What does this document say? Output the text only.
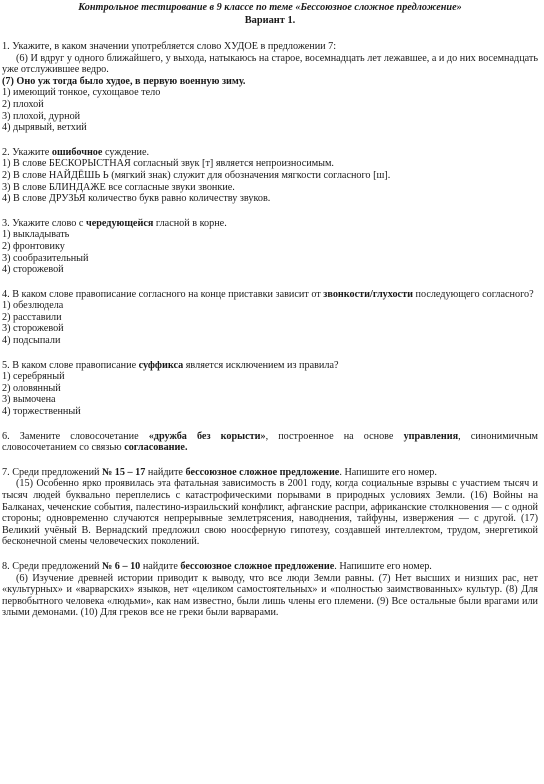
Контрольное тестирование в 9 классе по теме «Бессоюзное сложное предложение»
Вариант 1.
1. Укажите, в каком значении употребляется слово ХУДОЕ в предложении 7:
(6) И вдруг у одного ближайшего, у выхода, натыкаюсь на старое, восемнадцать лет лежавшее, а и до них восемнадцать уже отслужившее ведро.
(7) Оно уж тогда было худое, в первую военную зиму.
1) имеющий тонкое, сухощавое тело
2) плохой
3) плохой, дурной
4) дырявый, ветхий
2. Укажите ошибочное суждение.
1) В слове БЕСКОРЫСТНАЯ согласный звук [т] является непроизносимым.
2) В слове НАЙДЁШЬ Ь (мягкий знак) служит для обозначения мягкости согласного [ш].
3) В слове БЛИНДАЖЕ все согласные звуки звонкие.
4) В слове ДРУЗЬЯ количество букв равно количеству звуков.
3. Укажите слово с чередующейся гласной в корне.
1) выкладывать
2) фронтовику
3) сообразительный
4) сторожевой
4. В каком слове правописание согласного на конце приставки зависит от звонкости/глухости последующего согласного?
1) обезлюдела
2) расставили
3) сторожевой
4) подсыпали
5. В каком слове правописание суффикса является исключением из правила?
1) серебряный
2) оловянный
3) вымочена
4) торжественный
6. Замените словосочетание «дружба без корысти», построенное на основе управления, синонимичным словосочетанием со связью согласование.
7. Среди предложений № 15 – 17 найдите бессоюзное сложное предложение. Напишите его номер.
(15) Особенно ярко проявилась эта фатальная зависимость в 2001 году, когда социальные взрывы с участием тысяч и тысяч людей буквально переплелись с катастрофическими порывами в природных условиях Земли. (16) Войны на Балканах, чеченские события, палестино-израильский конфликт, афганские распри, африканские столкновения — с одной стороны; одновременно случаются непрерывные землетрясения, наводнения, тайфуны, извержения — с другой. (17) Великий учёный В. Вернадский предложил свою ноосферную гипотезу, создавшей интеллектом, трудом, энергетикой бесконечной смены человеческих поколений.
8. Среди предложений № 6 – 10 найдите бессоюзное сложное предложение. Напишите его номер.
(6) Изучение древней истории приводит к выводу, что все люди Земли равны. (7) Нет высших и низших рас, нет «культурных» и «варварских» языков, нет «целиком самостоятельных» и «полностью заимствованных» культур. (8) Для первобытного человека «людьми», как нам известно, были лишь члены его племени. (9) Все остальные были врагами или злыми демонами. (10) Для греков все не греки были варварами.
